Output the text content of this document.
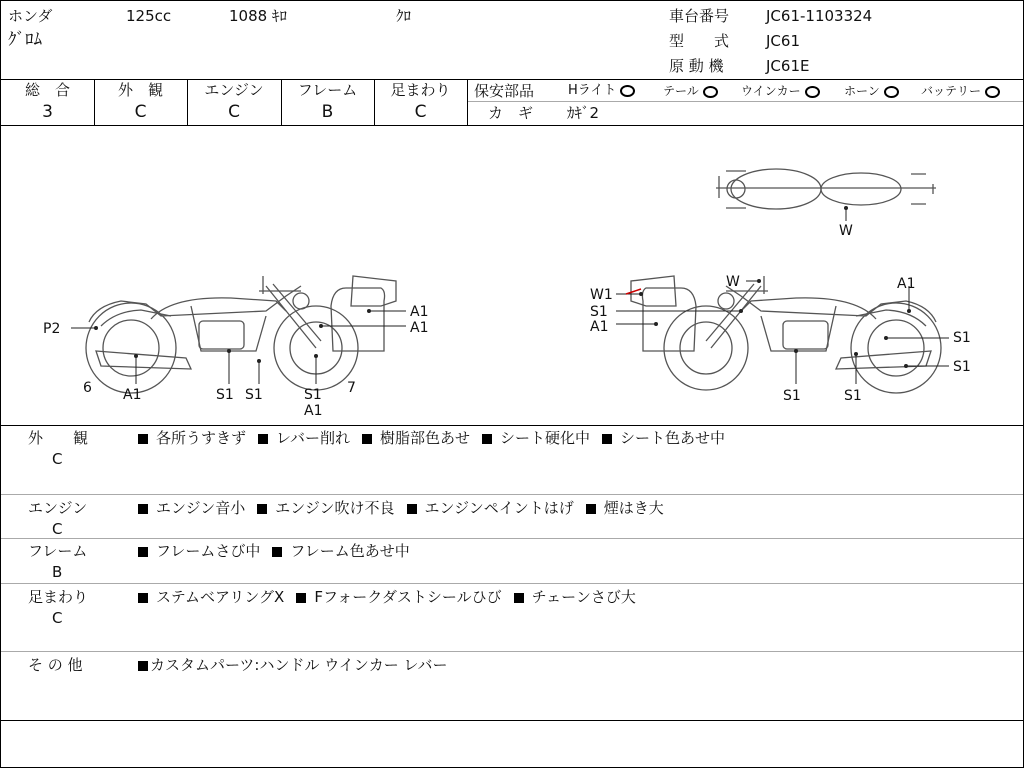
ホンダ	125cc	1088 ｷﾛ	ｸﾛ
ｸﾞﾛﾑ
車台番号 JC61-1103324
型　　式 JC61
原 動 機	JC61E
総　合
3
外　観
C
エンジン
C
フレーム
B
足まわり
C
保安部品	Hライト	テール	ウインカー	ホーン	バッテリー
カ　ギ ｶｷﾞ2
P2
6 A1	S1 S1	S1
A1
7
A1
A1
W1
S1
A1
W	A1
S1
S1
S1	S1
W
外　　観
C
各所うすきず レバー削れ 樹脂部色あせ シート硬化中 シート色あせ中
エンジン
C
エンジン音小 エンジン吹け不良 エンジンペイントはげ 煙はき大
フレーム
B
フレームさび中 フレーム色あせ中
足まわり
C
ステムベアリングX Fフォークダストシールひび チェーンさび大
そ の 他	カスタムパーツ:ハンドル ウインカー レバー
